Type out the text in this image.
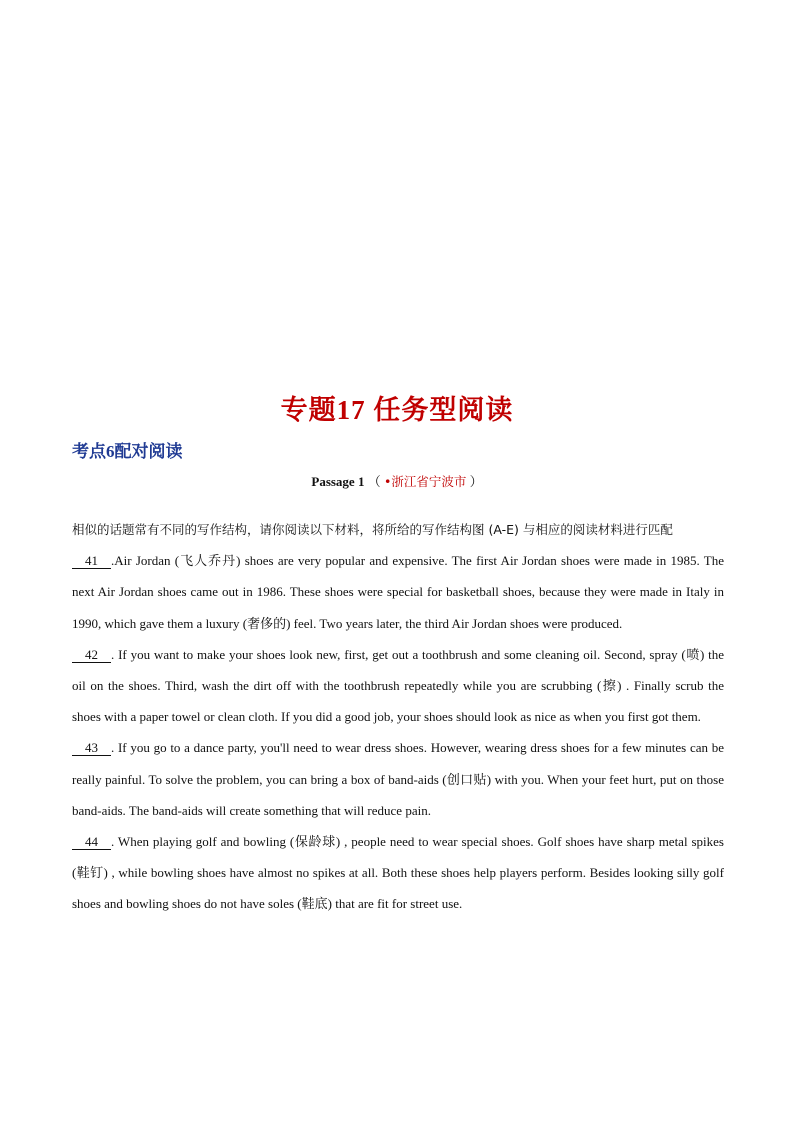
专题17 任务型阅读
考点6配对阅读
Passage 1 （ •浙江省宁波市 ）

相似的话题常有不同的写作结构，请你阅读以下材料，将所给的写作结构图 (A-E) 与相应的阅读材料进行匹配

41    .Air Jordan (飞人乔丹) shoes are very popular and expensive. The first Air Jordan shoes were made in 1985. The next Air Jordan shoes came out in 1986. These shoes were special for basketball shoes, because they were made in Italy in 1990, which gave them a luxury (奢侈的) feel. Two years later, the third Air Jordan shoes were produced.

42    . If you want to make your shoes look new, first, get out a toothbrush and some cleaning oil. Second, spray (喷) the oil on the shoes. Third, wash the dirt off with the toothbrush repeatedly while you are scrubbing (擦) . Finally scrub the shoes with a paper towel or clean cloth. If you did a good job, your shoes should look as nice as when you first got them.

43    . If you go to a dance party, you'll need to wear dress shoes. However, wearing dress shoes for a few minutes can be really painful. To solve the problem, you can bring a box of band-aids (创口贴) with you. When your feet hurt, put on those band-aids. The band-aids will create something that will reduce pain.

44    . When playing golf and bowling (保龄球) , people need to wear special shoes. Golf shoes have sharp metal spikes (鞋钉) , while bowling shoes have almost no spikes at all. Both these shoes help players perform. Besides looking silly golf shoes and bowling shoes do not have soles (鞋底) that are fit for street use.
